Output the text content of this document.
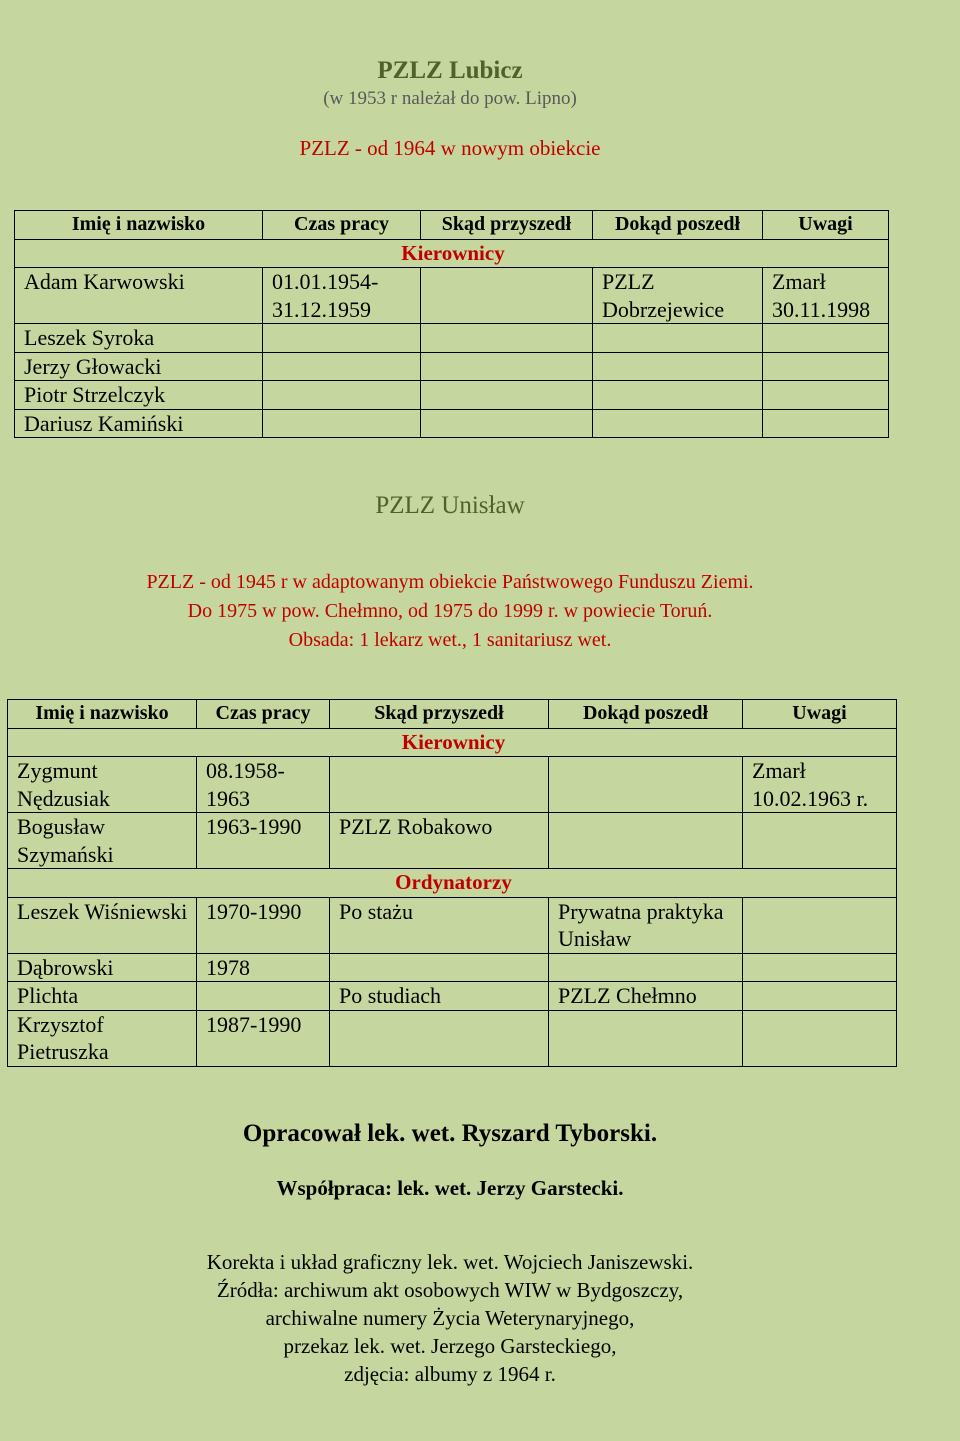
PZLZ Lubicz
(w 1953 r należał do pow. Lipno)
PZLZ - od 1964 w nowym obiekcie
Imię i nazwisko	Czas pracy	Skąd przyszedł	Dokąd poszedł	Uwagi
Kierownicy				
Adam Karwowski	01.01.1954-31.12.1959		PZLZ Dobrzejewice	Zmarł 30.11.1998
Leszek Syroka				
Jerzy Głowacki				
Piotr Strzelczyk				
Dariusz Kamiński				
PZLZ Unisław
PZLZ - od 1945 r w adaptowanym obiekcie Państwowego Funduszu Ziemi.
Do 1975 w pow. Chełmno, od 1975 do 1999 r. w powiecie Toruń.
Obsada: 1 lekarz wet., 1 sanitariusz wet.
Imię i nazwisko	Czas pracy	Skąd przyszedł	Dokąd poszedł	Uwagi
Kierownicy				
Zygmunt Nędzusiak	08.1958-1963			Zmarł 10.02.1963 r.
Bogusław Szymański	1963-1990	PZLZ Robakowo		
Ordynatorzy				
Leszek Wiśniewski	1970-1990	Po stażu	Prywatna praktyka Unisław	
Dąbrowski	1978			
Plichta		Po studiach	PZLZ Chełmno	
Krzysztof Pietruszka	1987-1990			
Opracował lek. wet. Ryszard Tyborski.
Współpraca: lek. wet. Jerzy Garstecki.
Korekta i układ graficzny lek. wet. Wojciech Janiszewski.
Źródła: archiwum akt osobowych WIW w Bydgoszczy,
archiwalne numery Życia Weterynaryjnego,
przekaz lek. wet. Jerzego Garsteckiego,
zdjęcia: albumy z 1964 r.
